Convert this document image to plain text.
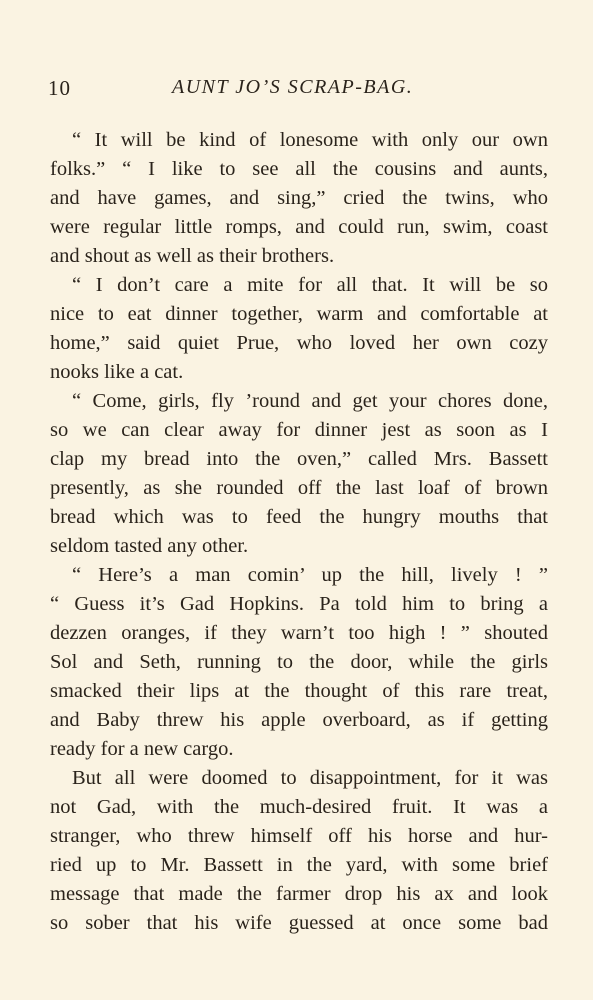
10	AUNT JO’S SCRAP-BAG.
“ It will be kind of lonesome with only our own
folks.” “ I like to see all the cousins and aunts,
and have games, and sing,” cried the twins, who
were regular little romps, and could run, swim, coast
and shout as well as their brothers.
“ I don’t care a mite for all that. It will be so
nice to eat dinner together, warm and comfortable at
home,” said quiet Prue, who loved her own cozy
nooks like a cat.
“ Come, girls, fly ’round and get your chores done,
so we can clear away for dinner jest as soon as I
clap my bread into the oven,” called Mrs. Bassett
presently, as she rounded off the last loaf of brown
bread which was to feed the hungry mouths that
seldom tasted any other.
“ Here’s a man comin’ up the hill, lively ! ”
“ Guess it’s Gad Hopkins. Pa told him to bring a
dezzen oranges, if they warn’t too high ! ” shouted
Sol and Seth, running to the door, while the girls
smacked their lips at the thought of this rare treat,
and Baby threw his apple overboard, as if getting
ready for a new cargo.
But all were doomed to disappointment, for it was
not Gad, with the much-desired fruit. It was a
stranger, who threw himself off his horse and hur-
ried up to Mr. Bassett in the yard, with some brief
message that made the farmer drop his ax and look
so sober that his wife guessed at once some bad
